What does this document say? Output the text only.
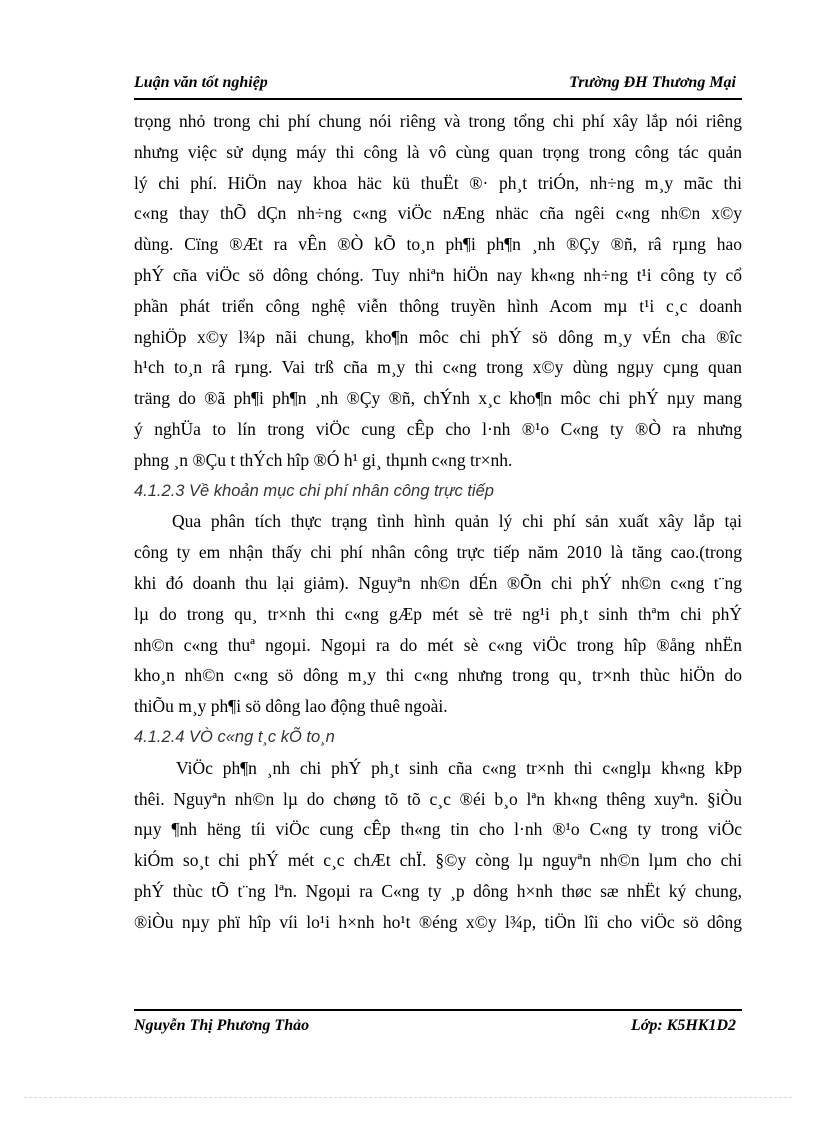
Luận văn tốt nghiệp	Trường ĐH Thương Mại
trọng nhỏ trong chi phí chung nói riêng và trong tổng chi phí xây lắp nói riêng
nhưng việc sử dụng máy thi công là vô cùng quan trọng trong công tác quản
lý chi phí. HiÖn nay khoa häc kü thuËt ®· ph¸t triÓn, nh÷ng m¸y mãc thi
c«ng thay thÕ dÇn nh÷ng c«ng viÖc nÆng nhäc cña ngêi c«ng nh©n x©y
dùng. Cïng ®Æt ra vÊn ®Ò kÕ to¸n ph¶i ph¶n ¸nh ®Çy ®ñ, râ rµng hao
phÝ cña viÖc sö dông chóng. Tuy nhiªn hiÖn nay kh«ng nh÷ng t¹i công ty cổ
phần phát triển công nghệ viễn thông truyền hình Acom mµ t¹i c¸c doanh
nghiÖp x©y l¾p nãi chung, kho¶n môc chi phÝ sö dông m¸y vÉn cha ®îc
h¹ch to¸n râ rµng. Vai trß cña m¸y thi c«ng trong x©y dùng ngµy cµng quan
träng do ®ã ph¶i ph¶n ¸nh ®Çy ®ñ, chÝnh x¸c kho¶n môc chi phÝ nµy mang
ý nghÜa to lín trong viÖc cung cÊp cho l·nh ®¹o C«ng ty ®Ò ra nhưng
phng ¸n ®Çu t thÝch hîp ®Ó h¹ gi¸ thµnh c«ng tr×nh.
4.1.2.3 Về khoản mục chi phí nhân công trực tiếp
Qua phân tích thực trạng tình hình quản lý chi phí sản xuất xây lắp tại
công ty em nhận thấy chi phí nhân công trực tiếp năm 2010 là tăng cao.(trong
khi đó doanh thu lại giảm). Nguyªn nh©n dÉn ®Õn chi phÝ nh©n c«ng t¨ng
lµ do trong qu¸ tr×nh thi c«ng gÆp mét sè trë ng¹i ph¸t sinh thªm chi phÝ
nh©n c«ng thuª ngoµi. Ngoµi ra do mét sè c«ng viÖc trong hîp ®ång nhËn
kho¸n nh©n c«ng sö dông m¸y thi c«ng nhưng trong qu¸ tr×nh thùc hiÖn do
thiÕu m¸y ph¶i sö dông lao động thuê ngoài.
4.1.2.4 VÒ c«ng t¸c kÕ to¸n
ViÖc ph¶n ¸nh chi phÝ ph¸t sinh cña c«ng tr×nh thi c«nglµ kh«ng kÞp
thêi. Nguyªn nh©n lµ do chøng tõ tõ c¸c ®éi b¸o lªn kh«ng thêng xuyªn. §iÒu
nµy ¶nh hëng tíi viÖc cung cÊp th«ng tin cho l·nh ®¹o C«ng ty trong viÖc
kiÓm so¸t chi phÝ mét c¸c chÆt chÏ. §©y còng lµ nguyªn nh©n lµm cho chi
phÝ thùc tÕ t¨ng lªn. Ngoµi ra C«ng ty ¸p dông h×nh thøc sæ nhËt ký chung,
®iÒu nµy phï hîp víi lo¹i h×nh ho¹t ®éng x©y l¾p, tiÖn lîi cho viÖc sö dông
Nguyễn Thị Phương Thảo	Lớp: K5HK1D2
